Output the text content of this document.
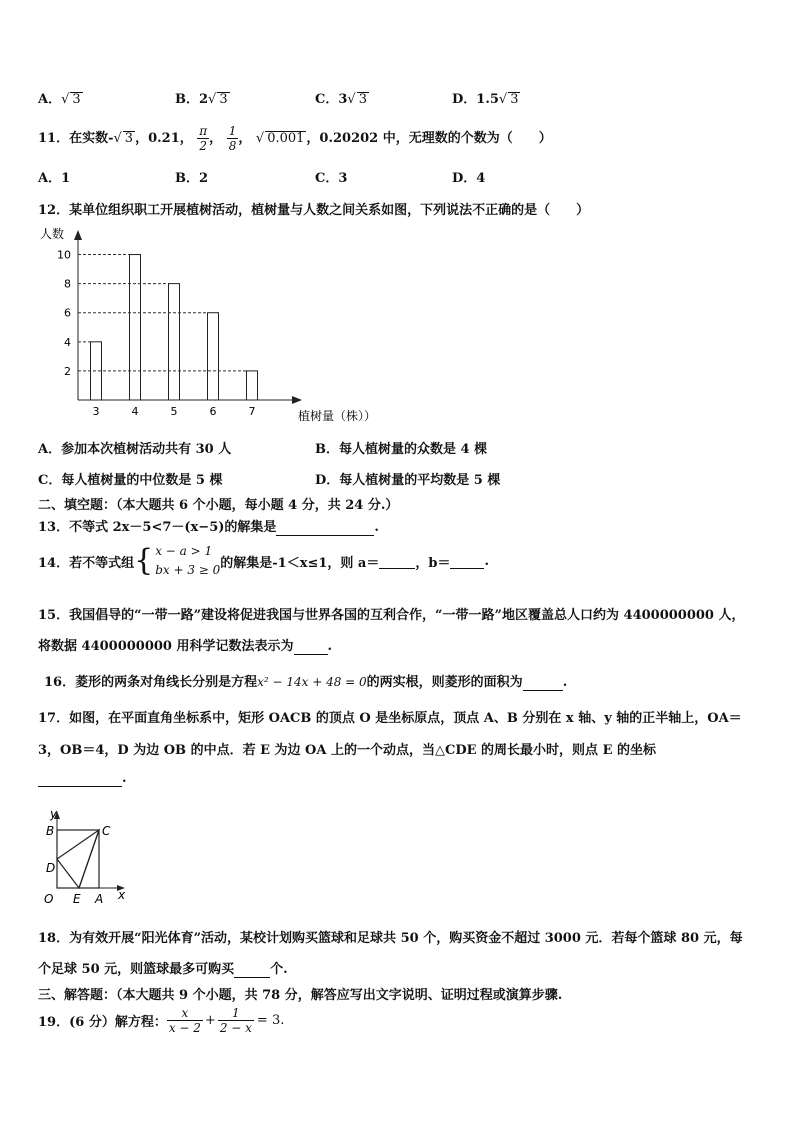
A．√ 3	B．2√ 3	C．3√ 3	D．1.5√ 3
11．在实数-√ 3 ，0.21， $\frac{\pi}{2}$ ， $\frac{1}{8}$ ， √ 0.001 ，0.20202 中，无理数的个数为（　　）
A．1	B．2	C．3	D．4
12．某单位组织职工开展植树活动，植树量与人数之间关系如图，下列说法不正确的是（　　）
人数
植树量（株））
3	4	5	6	7
10
8
6
4
2
A．参加本次植树活动共有 30 人	B．每人植树量的众数是 4 棵
C．每人植树量的中位数是 5 棵	D．每人植树量的平均数是 5 棵
二、填空题：（本大题共 6 个小题，每小题 4 分，共 24 分.）
13．不等式 2x－5<7－(x−5)的解集是	.
14．若不等式组 { x − a > 1
bx + 3 ≥ 0 的解集是-1＜x≤1，则 a＝
	，b＝
	.
15．我国倡导的“一带一路”建设将促进我国与世界各国的互利合作，“一带一路”地区覆盖总人口约为 4400000000 人，
将数据 4400000000 用科学记数法表示为	.
16．菱形的两条对角线长分别是方程x² − 14x + 48 = 0的两实根，则菱形的面积为	.
17．如图，在平面直角坐标系中，矩形 OACB 的顶点 O 是坐标原点，顶点 A、B 分别在 x 轴、y 轴的正半轴上，OA＝
3，OB＝4，D 为边 OB 的中点．若 E 为边 OA 上的一个动点，当△CDE 的周长最小时，则点 E 的坐标
.
y
x
O	A
B	C
D
E
18．为有效开展“阳光体育”活动，某校计划购买篮球和足球共 50 个，购买资金不超过 3000 元．若每个篮球 80 元，每
个足球 50 元，则篮球最多可购买	个.
三、解答题：（本大题共 9 个小题，共 78 分，解答应写出文字说明、证明过程或演算步骤.
19．(6 分）解方程： $\frac{x}{x - 2} + \frac{1}{2 - x} = 3$.
